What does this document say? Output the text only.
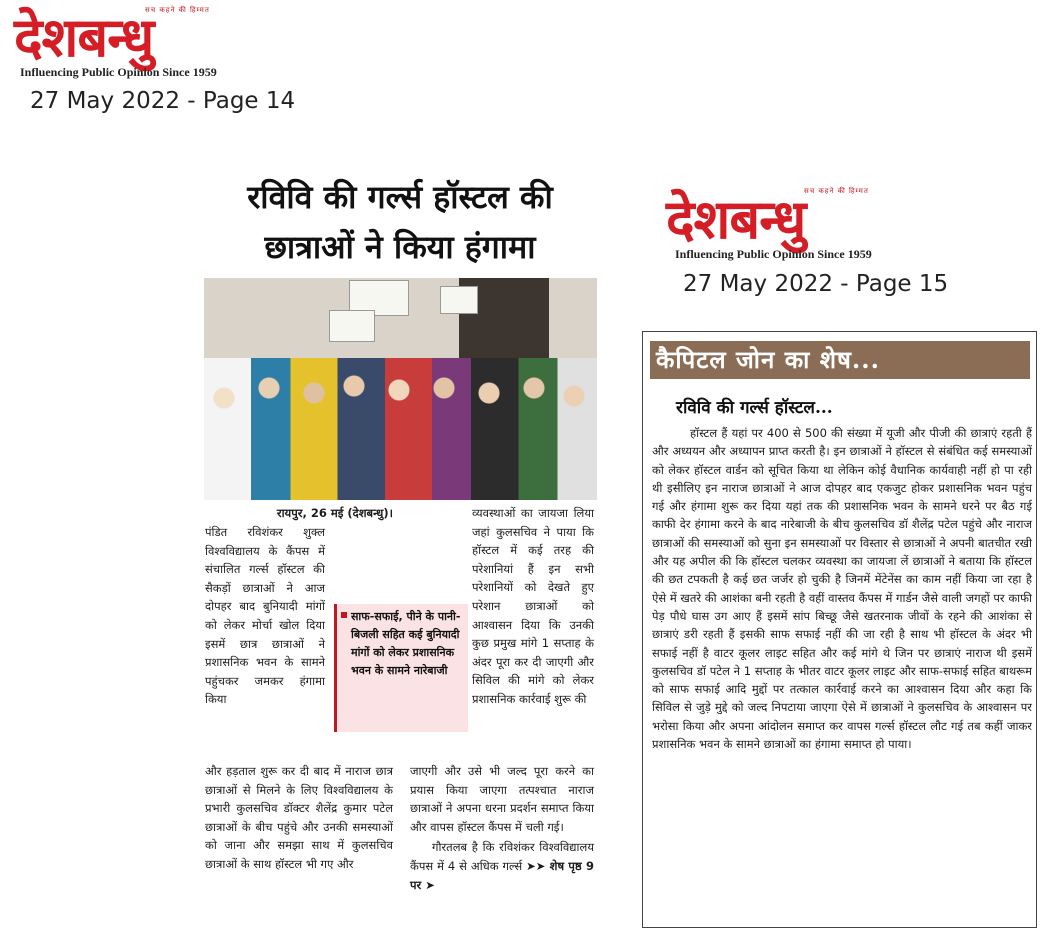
सच कहने की हिम्मत
देशबन्धु
Influencing Public Opinion Since 1959
27 May 2022 - Page 14
सच कहने की हिम्मत
देशबन्धु
Influencing Public Opinion Since 1959
27 May 2022 - Page 15
रविवि की गर्ल्स हॉस्टल की
छात्राओं ने किया हंगामा

रायपुर, 26 मई (देशबन्धु)।

पंडित रविशंकर शुक्ल विश्वविद्यालय के कैंपस में संचालित गर्ल्स हॉस्टल की सैकड़ों छात्राओं ने आज दोपहर बाद बुनियादी मांगों को लेकर मोर्चा खोल दिया इसमें छात्र छात्राओं ने प्रशासनिक भवन के सामने पहुंचकर जमकर हंगामा किया

और हड़ताल शुरू कर दी बाद में नाराज छात्र छात्राओं से मिलने के लिए विश्वविद्यालय के प्रभारी कुलसचिव डॉक्टर शैलेंद्र कुमार पटेल छात्राओं के बीच पहुंचे और उनकी समस्याओं को जाना और समझा साथ में कुलसचिव छात्राओं के साथ हॉस्टल भी गए और

साफ-सफाई, पीने के पानी-बिजली सहित कई बुनियादी मांगों को लेकर प्रशासनिक भवन के सामने नारेबाजी

व्यवस्थाओं का जायजा लिया जहां कुलसचिव ने पाया कि हॉस्टल में कई तरह की परेशानियां हैं इन सभी परेशानियों को देखते हुए परेशान छात्राओं को आश्वासन दिया कि उनकी कुछ प्रमुख मांगे 1 सप्ताह के अंदर पूरा कर दी जाएगी और सिविल की मांगे को लेकर प्रशासनिक कार्रवाई शुरू की

जाएगी और उसे भी जल्द पूरा करने का प्रयास किया जाएगा तत्पश्चात नाराज छात्राओं ने अपना धरना प्रदर्शन समाप्त किया और वापस हॉस्टल कैंपस में चली गई।

गौरतलब है कि रविशंकर विश्वविद्यालय कैंपस में 4 से अधिक गर्ल्स ➤➤ शेष पृष्ठ 9 पर ➤

कैपिटल जोन का शेष...
रविवि की गर्ल्स हॉस्टल...
हॉस्टल हैं यहां पर 400 से 500 की संख्या में यूजी और पीजी की छात्राएं रहती हैं और अध्ययन और अध्यापन प्राप्त करती है। इन छात्राओं ने हॉस्टल से संबंधित कई समस्याओं को लेकर हॉस्टल वार्डन को सूचित किया था लेकिन कोई वैधानिक कार्यवाही नहीं हो पा रही थी इसीलिए इन नाराज छात्राओं ने आज दोपहर बाद एकजुट होकर प्रशासनिक भवन पहुंच गई और हंगामा शुरू कर दिया यहां तक की प्रशासनिक भवन के सामने धरने पर बैठ गई काफी देर हंगामा करने के बाद नारेबाजी के बीच कुलसचिव डॉ शैलेंद्र पटेल पहुंचे और नाराज छात्राओं की समस्याओं को सुना इन समस्याओं पर विस्तार से छात्राओं ने अपनी बातचीत रखी और यह अपील की कि हॉस्टल चलकर व्यवस्था का जायजा लें छात्राओं ने बताया कि हॉस्टल की छत टपकती है कई छत जर्जर हो चुकी है जिनमें मेंटेनेंस का काम नहीं किया जा रहा है ऐसे में खतरे की आशंका बनी रहती है वहीं वास्तव कैंपस में गार्डन जैसे वाली जगहों पर काफी पेड़ पौधे घास उग आए हैं इसमें सांप बिच्छू जैसे खतरनाक जीवों के रहने की आशंका से छात्राएं डरी रहती हैं इसकी साफ सफाई नहीं की जा रही है साथ भी हॉस्टल के अंदर भी सफाई नहीं है वाटर कूलर लाइट सहित और कई मांगे थे जिन पर छात्राएं नाराज थी इसमें कुलसचिव डॉ पटेल ने 1 सप्ताह के भीतर वाटर कूलर लाइट और साफ-सफाई सहित बाथरूम को साफ सफाई आदि मुद्दों पर तत्काल कार्रवाई करने का आश्वासन दिया और कहा कि सिविल से जुड़े मुद्दे को जल्द निपटाया जाएगा ऐसे में छात्राओं ने कुलसचिव के आश्वासन पर भरोसा किया और अपना आंदोलन समाप्त कर वापस गर्ल्स हॉस्टल लौट गई तब कहीं जाकर प्रशासनिक भवन के सामने छात्राओं का हंगामा समाप्त हो पाया।
